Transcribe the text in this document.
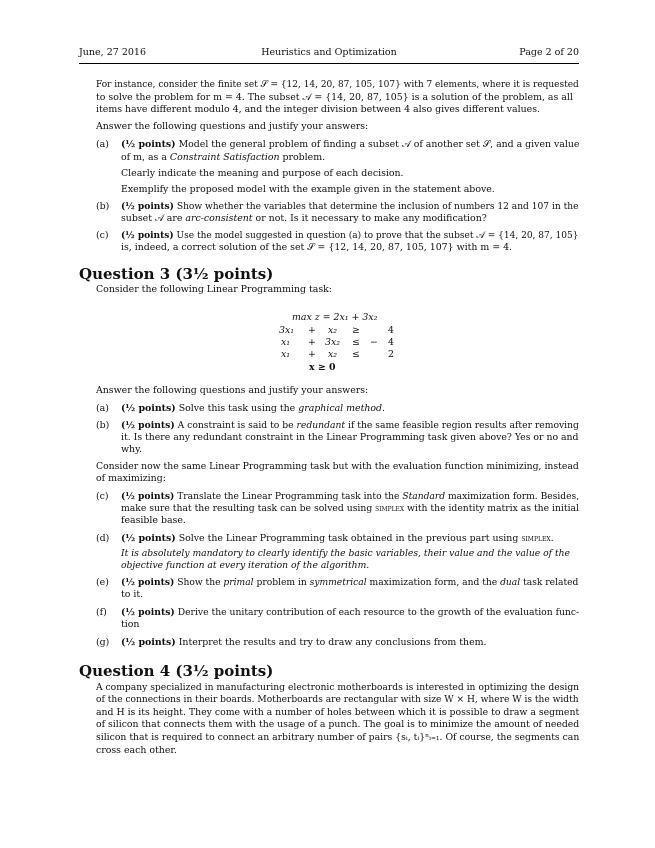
June, 27 2016	Heuristics and Optimization	Page 2 of 20
For instance, consider the finite set 𝒮 = {12, 14, 20, 87, 105, 107} with 7 elements, where it is requested
to solve the problem for m = 4. The subset 𝒜 = {14, 20, 87, 105} is a solution of the problem, as all
items have different modulo 4, and the integer division between 4 also gives different values.
Answer the following questions and justify your answers:
(a) (½ points) Model the general problem of finding a subset 𝒜 of another set 𝒮, and a given value
of m, as a Constraint Satisfaction problem.
Clearly indicate the meaning and purpose of each decision.
Exemplify the proposed model with the example given in the statement above.
(b) (½ points) Show whether the variables that determine the inclusion of numbers 12 and 107 in the
subset 𝒜 are arc-consistent or not. Is it necessary to make any modification?
(c) (½ points) Use the model suggested in question (a) to prove that the subset 𝒜 = {14, 20, 87, 105}
is, indeed, a correct solution of the set 𝒮 = {12, 14, 20, 87, 105, 107} with m = 4.
Question 3 (3½ points)
Consider the following Linear Programming task:
max z = 2x₁ + 3x₂
3x₁ + x₂ ≥	4
x₁ + 3x₂ ≤ − 4
x₁ + x₂ ≤	2
x ≥ 0
Answer the following questions and justify your answers:
(a) (½ points) Solve this task using the graphical method.
(b) (½ points) A constraint is said to be redundant if the same feasible region results after removing
it. Is there any redundant constraint in the Linear Programming task given above? Yes or no and
why.
Consider now the same Linear Programming task but with the evaluation function minimizing, instead
of maximizing:
(c) (½ points) Translate the Linear Programming task into the Standard maximization form. Besides,
make sure that the resulting task can be solved using simplex with the identity matrix as the initial
feasible base.
(d) (½ points) Solve the Linear Programming task obtained in the previous part using simplex.
It is absolutely mandatory to clearly identify the basic variables, their value and the value of the
objective function at every iteration of the algorithm.
(e) (½ points) Show the primal problem in symmetrical maximization form, and the dual task related
to it.
(f) (½ points) Derive the unitary contribution of each resource to the growth of the evaluation func-
tion
(g) (½ points) Interpret the results and try to draw any conclusions from them.
Question 4 (3½ points)
A company specialized in manufacturing electronic motherboards is interested in optimizing the design
of the connections in their boards. Motherboards are rectangular with size W × H, where W is the width
and H is its height. They come with a number of holes between which it is possible to draw a segment
of silicon that connects them with the usage of a punch. The goal is to minimize the amount of needed
silicon that is required to connect an arbitrary number of pairs {sᵢ, tᵢ}ⁿᵢ₌₁. Of course, the segments can
cross each other.
